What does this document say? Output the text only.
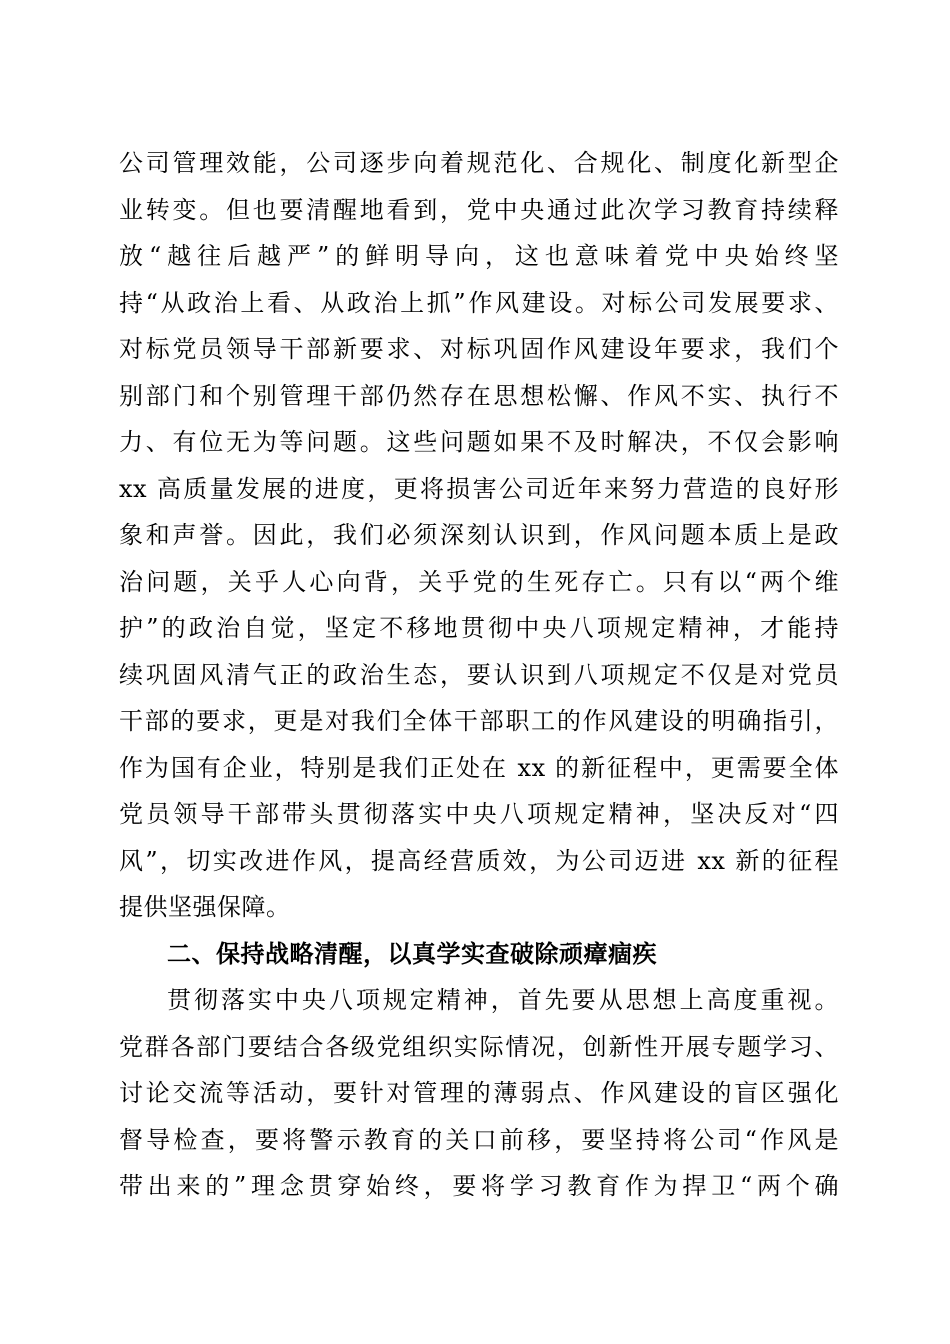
公司管理效能，公司逐步向着规范化、合规化、制度化新型企
业转变。但也要清醒地看到，党中央通过此次学习教育持续释
放“越往后越严”的鲜明导向，这也意味着党中央始终坚
持“从政治上看、从政治上抓”作风建设。对标公司发展要求、
对标党员领导干部新要求、对标巩固作风建设年要求，我们个
别部门和个别管理干部仍然存在思想松懈、作风不实、执行不
力、有位无为等问题。这些问题如果不及时解决，不仅会影响
xx 高质量发展的进度，更将损害公司近年来努力营造的良好形
象和声誉。因此，我们必须深刻认识到，作风问题本质上是政
治问题，关乎人心向背，关乎党的生死存亡。只有以“两个维
护”的政治自觉，坚定不移地贯彻中央八项规定精神，才能持
续巩固风清气正的政治生态，要认识到八项规定不仅是对党员
干部的要求，更是对我们全体干部职工的作风建设的明确指引，
作为国有企业，特别是我们正处在 xx 的新征程中，更需要全体
党员领导干部带头贯彻落实中央八项规定精神，坚决反对“四
风”，切实改进作风，提高经营质效，为公司迈进 xx 新的征程
提供坚强保障。
二、保持战略清醒，以真学实查破除顽瘴痼疾
贯彻落实中央八项规定精神，首先要从思想上高度重视。
党群各部门要结合各级党组织实际情况，创新性开展专题学习、
讨论交流等活动，要针对管理的薄弱点、作风建设的盲区强化
督导检查，要将警示教育的关口前移，要坚持将公司“作风是
带出来的”理念贯穿始终，要将学习教育作为捍卫“两个确
